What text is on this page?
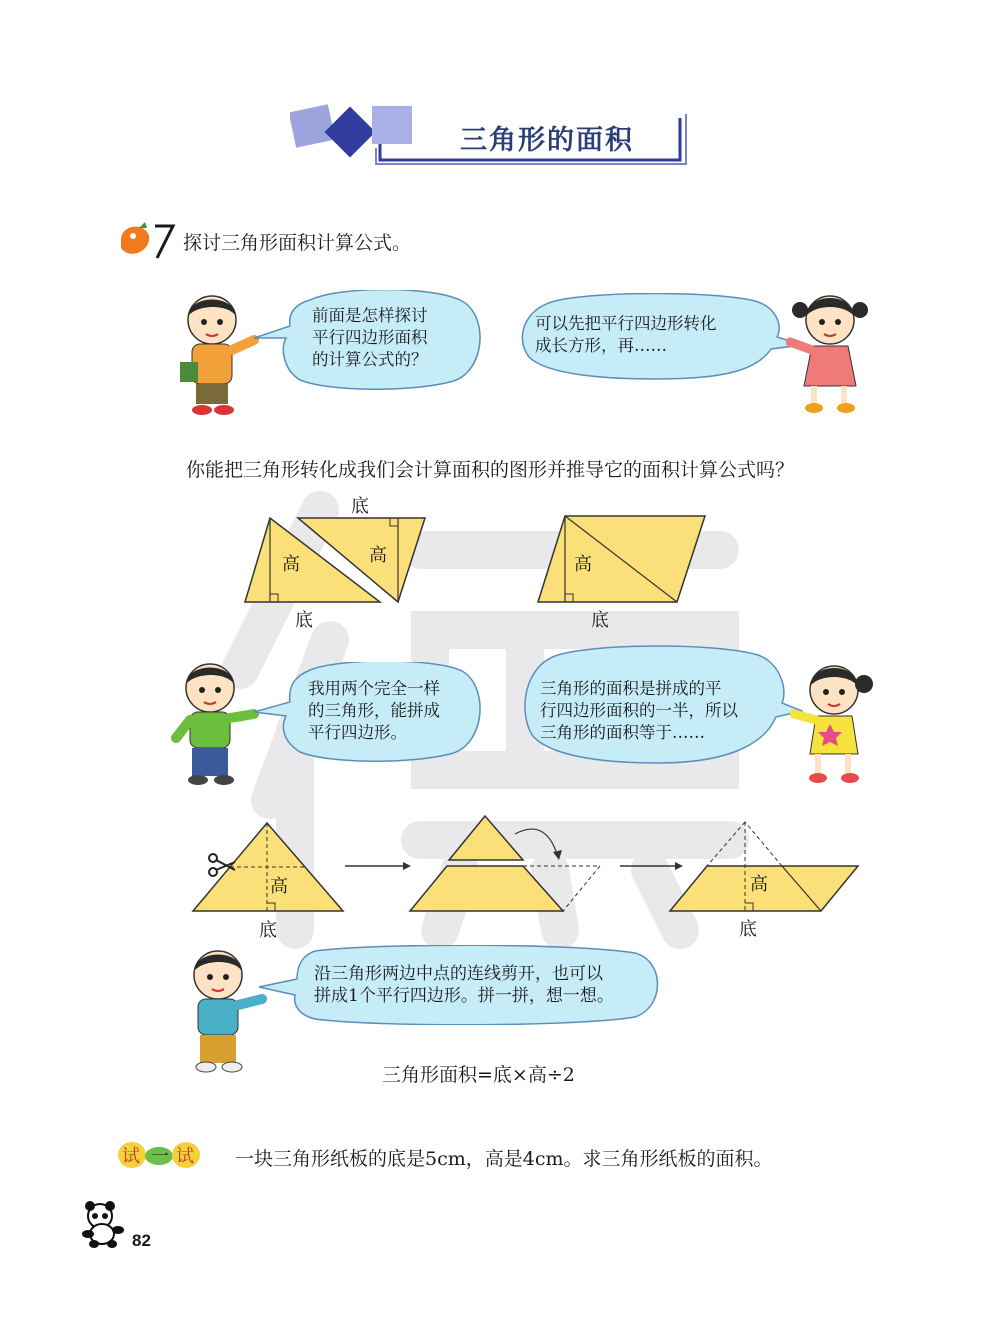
三角形的面积
探讨三角形面积计算公式。
前面是怎样探讨
平行四边形面积
的计算公式的？
可以先把平行四边形转化
成长方形，再……
你能把三角形转化成我们会计算面积的图形并推导它的面积计算公式吗？
底
高	高
底
高
底
我用两个完全一样
的三角形，能拼成
平行四边形。
三角形的面积是拼成的平
行四边形面积的一半，所以
三角形的面积等于……
高
底
高
底
沿三角形两边中点的连线剪开，也可以
拼成1个平行四边形。拼一拼，想一想。
三角形面积=底×高÷2
试 一 试 一块三角形纸板的底是5cm，高是4cm。求三角形纸板的面积。
82
